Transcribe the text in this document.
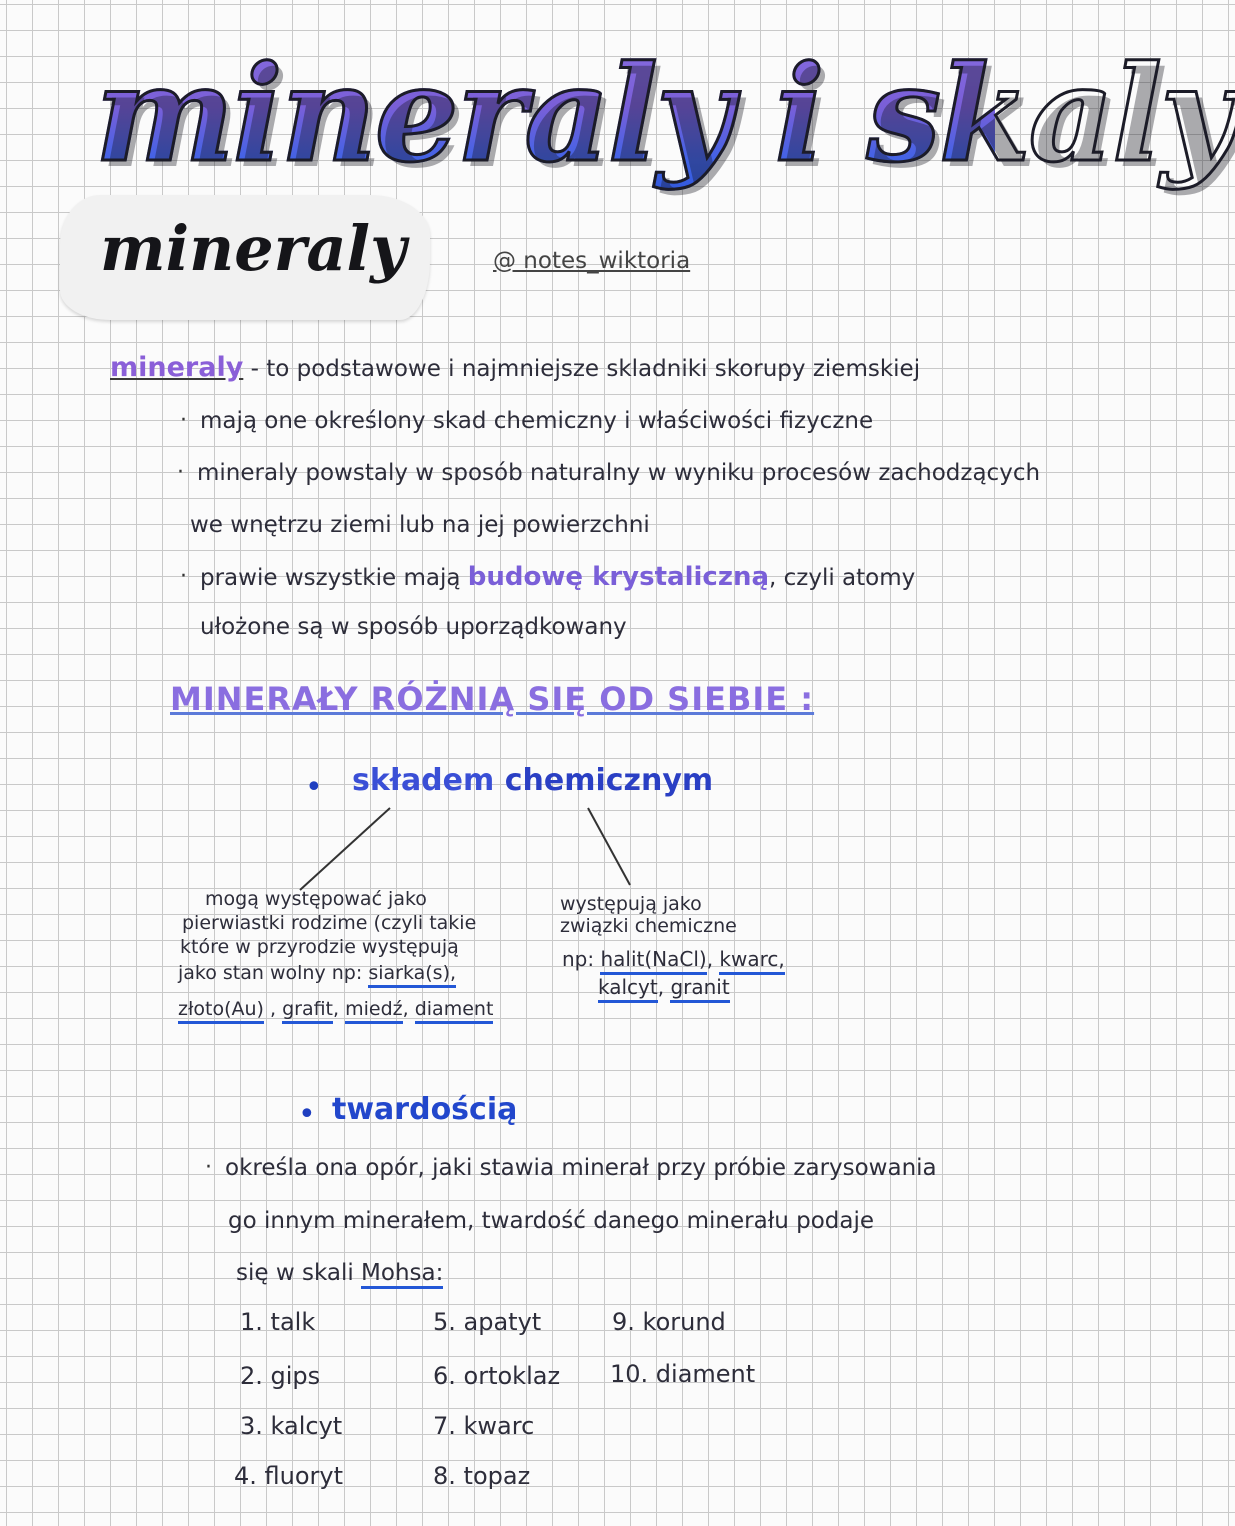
mineraly i skaly
mineraly	@ notes_wiktoria
mineraly - to podstawowe i najmniejsze skladniki skorupy ziemskiej
· mają one określony skad chemiczny i właściwości fizyczne
· mineraly powstaly w sposób naturalny w wyniku procesów zachodzących
we wnętrzu ziemi lub na jej powierzchni
· prawie wszystkie mają budowę krystaliczną, czyli atomy
ułożone są w sposób uporządkowany
MINERAŁY RÓŻNIĄ SIĘ OD SIEBIE :
• składem chemicznym
mogą występować jako
pierwiastki rodzime (czyli takie
które w przyrodzie występują
jako stan wolny np: siarka(s),
złoto(Au) , grafit, miedź, diament
występują jako
związki chemiczne
np: halit(NaCl), kwarc,
kalcyt, granit
• twardością
· określa ona opór, jaki stawia minerał przy próbie zarysowania
go innym minerałem, twardość danego minerału podaje
się w skali Mohsa:
1. talk
2. gips
3. kalcyt
4. fluoryt
5. apatyt
6. ortoklaz
7. kwarc
8. topaz
9. korund
10. diament
